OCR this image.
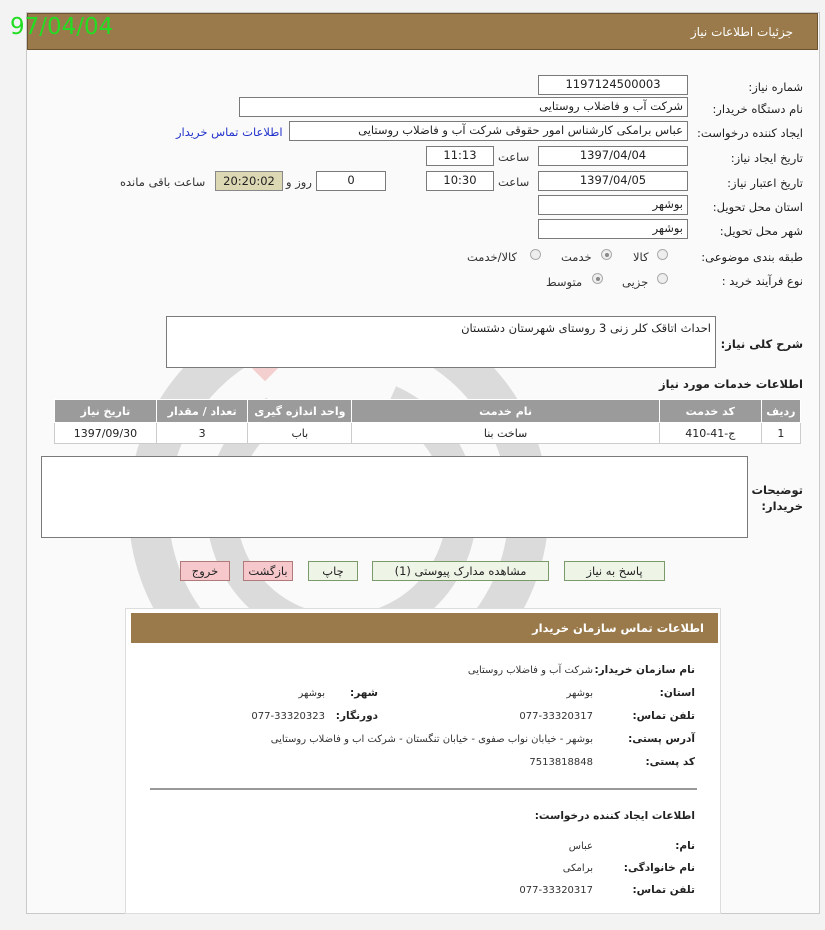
جزئیات اطلاعات نیاز
97/04/04
شماره نیاز:
1197124500003
نام دستگاه خریدار:
شرکت آب و فاضلاب روستایی
ایجاد کننده درخواست:
عباس برامکی کارشناس امور حقوقی شرکت آب و فاضلاب روستایی
اطلاعات تماس خریدار
تاریخ ایجاد نیاز:
1397/04/04
ساعت
11:13
تاریخ اعتبار نیاز:
1397/04/05
ساعت
10:30
0
روز و
20:20:02
ساعت باقی مانده
استان محل تحویل:
بوشهر
شهر محل تحویل:
بوشهر
طبقه بندی موضوعی:
کالا
خدمت
کالا/خدمت
نوع فرآیند خرید :
جزیی
متوسط
شرح کلی نیاز:
احداث اتاقک کلر زنی 3 روستای شهرستان دشتستان
اطلاعات خدمات مورد نیاز
ردیف	کد خدمت	نام خدمت	واحد اندازه گیری	تعداد / مقدار	تاریخ نیاز
1	ج-41-410	ساخت بنا	باب	3	1397/09/30
توضیحات خریدار:
پاسخ به نیاز
مشاهده مدارک پیوستی (1)
چاپ
بازگشت
خروج
اطلاعات تماس سازمان خریدار
نام سازمان خریدار:
شرکت آب و فاضلاب روستایی
استان:
بوشهر
شهر:
بوشهر
تلفن تماس:
077-33320317
دورنگار:
077-33320323
آدرس پستی:
بوشهر - خیابان نواب صفوی - خیابان تنگستان - شرکت اب و فاضلاب روستایی
کد پستی:
7513818848
اطلاعات ایجاد کننده درخواست:
نام:
عباس
نام خانوادگی:
برامکی
تلفن تماس:
077-33320317
